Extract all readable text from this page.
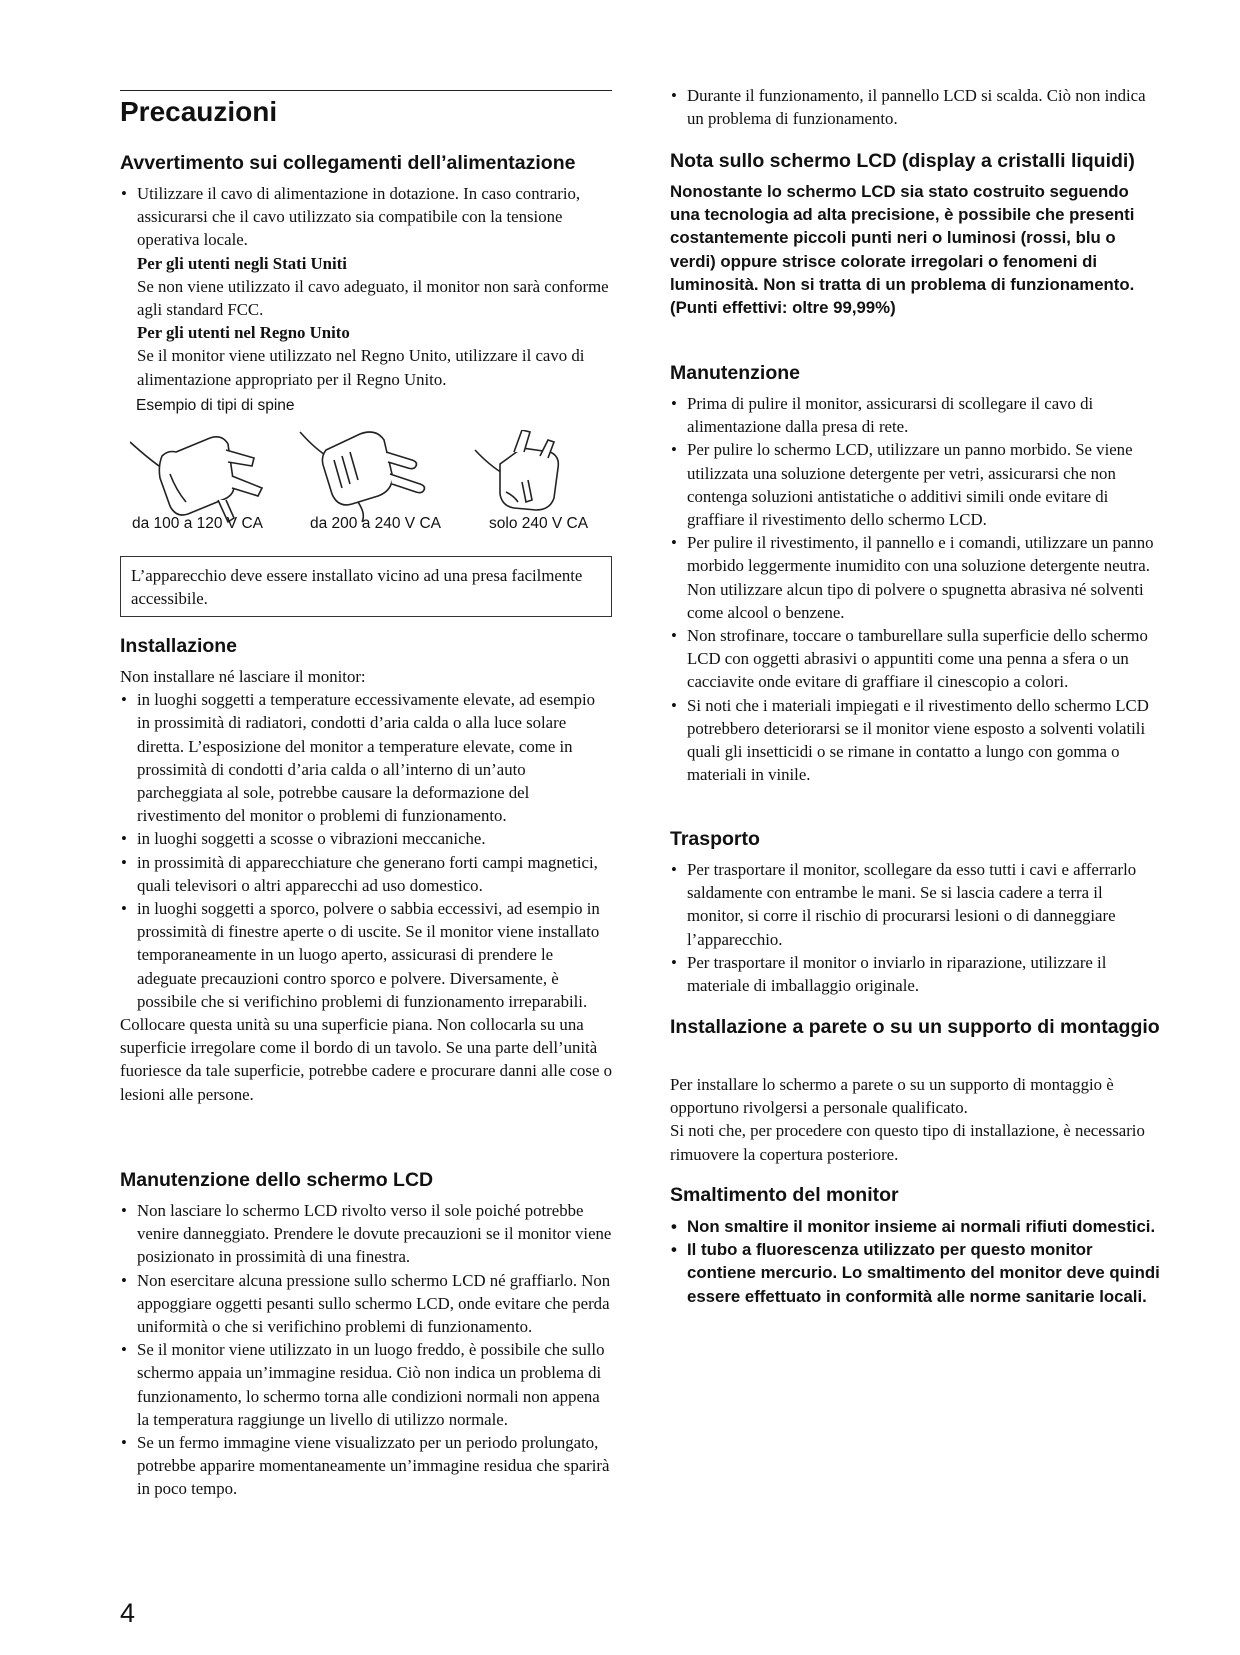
Precauzioni
Avvertimento sui collegamenti dell’alimentazione
• Utilizzare il cavo di alimentazione in dotazione. In caso contrario, assicurarsi che il cavo utilizzato sia compatibile con la tensione operativa locale.

Per gli utenti negli Stati Uniti

Se non viene utilizzato il cavo adeguato, il monitor non sarà conforme agli standard FCC.

Per gli utenti nel Regno Unito

Se il monitor viene utilizzato nel Regno Unito, utilizzare il cavo di alimentazione appropriato per il Regno Unito.

Esempio di tipi di spine
da 100 a 120 V CA	da 200 a 240 V CA	solo 240 V CA

L’apparecchio deve essere installato vicino ad una presa facilmente accessibile.

Installazione

Non installare né lasciare il monitor:

• in luoghi soggetti a temperature eccessivamente elevate, ad esempio in prossimità di radiatori, condotti d’aria calda o alla luce solare diretta. L’esposizione del monitor a temperature elevate, come in prossimità di condotti d’aria calda o all’interno di un’auto parcheggiata al sole, potrebbe causare la deformazione del rivestimento del monitor o problemi di funzionamento.
• in luoghi soggetti a scosse o vibrazioni meccaniche.
• in prossimità di apparecchiature che generano forti campi magnetici, quali televisori o altri apparecchi ad uso domestico.
• in luoghi soggetti a sporco, polvere o sabbia eccessivi, ad esempio in prossimità di finestre aperte o di uscite. Se il monitor viene installato temporaneamente in un luogo aperto, assicurasi di prendere le adeguate precauzioni contro sporco e polvere. Diversamente, è possibile che si verifichino problemi di funzionamento irreparabili.

Collocare questa unità su una superficie piana. Non collocarla su una superficie irregolare come il bordo di un tavolo. Se una parte dell’unità fuoriesce da tale superficie, potrebbe cadere e procurare danni alle cose o lesioni alle persone.

Manutenzione dello schermo LCD
• Non lasciare lo schermo LCD rivolto verso il sole poiché potrebbe venire danneggiato. Prendere le dovute precauzioni se il monitor viene posizionato in prossimità di una finestra.
• Non esercitare alcuna pressione sullo schermo LCD né graffiarlo. Non appoggiare oggetti pesanti sullo schermo LCD, onde evitare che perda uniformità o che si verifichino problemi di funzionamento.
• Se il monitor viene utilizzato in un luogo freddo, è possibile che sullo schermo appaia un’immagine residua. Ciò non indica un problema di funzionamento, lo schermo torna alle condizioni normali non appena la temperatura raggiunge un livello di utilizzo normale.
• Se un fermo immagine viene visualizzato per un periodo prolungato, potrebbe apparire momentaneamente un’immagine residua che sparirà in poco tempo.
• Durante il funzionamento, il pannello LCD si scalda. Ciò non indica un problema di funzionamento.
Nota sullo schermo LCD (display a cristalli liquidi)

Nonostante lo schermo LCD sia stato costruito seguendo una tecnologia ad alta precisione, è possibile che presenti costantemente piccoli punti neri o luminosi (rossi, blu o verdi) oppure strisce colorate irregolari o fenomeni di luminosità. Non si tratta di un problema di funzionamento.

(Punti effettivi: oltre 99,99%)

Manutenzione
• Prima di pulire il monitor, assicurarsi di scollegare il cavo di alimentazione dalla presa di rete.
• Per pulire lo schermo LCD, utilizzare un panno morbido. Se viene utilizzata una soluzione detergente per vetri, assicurarsi che non contenga soluzioni antistatiche o additivi simili onde evitare di graffiare il rivestimento dello schermo LCD.
• Per pulire il rivestimento, il pannello e i comandi, utilizzare un panno morbido leggermente inumidito con una soluzione detergente neutra. Non utilizzare alcun tipo di polvere o spugnetta abrasiva né solventi come alcool o benzene.
• Non strofinare, toccare o tamburellare sulla superficie dello schermo LCD con oggetti abrasivi o appuntiti come una penna a sfera o un cacciavite onde evitare di graffiare il cinescopio a colori.
• Si noti che i materiali impiegati e il rivestimento dello schermo LCD potrebbero deteriorarsi se il monitor viene esposto a solventi volatili quali gli insetticidi o se rimane in contatto a lungo con gomma o materiali in vinile.
Trasporto
• Per trasportare il monitor, scollegare da esso tutti i cavi e afferrarlo saldamente con entrambe le mani. Se si lascia cadere a terra il monitor, si corre il rischio di procurarsi lesioni o di danneggiare l’apparecchio.
• Per trasportare il monitor o inviarlo in riparazione, utilizzare il materiale di imballaggio originale.
Installazione a parete o su un supporto di montaggio

Per installare lo schermo a parete o su un supporto di montaggio è opportuno rivolgersi a personale qualificato.

Si noti che, per procedere con questo tipo di installazione, è necessario rimuovere la copertura posteriore.

Smaltimento del monitor
• Non smaltire il monitor insieme ai normali rifiuti domestici.
• Il tubo a fluorescenza utilizzato per questo monitor contiene mercurio. Lo smaltimento del monitor deve quindi essere effettuato in conformità alle norme sanitarie locali.
4
